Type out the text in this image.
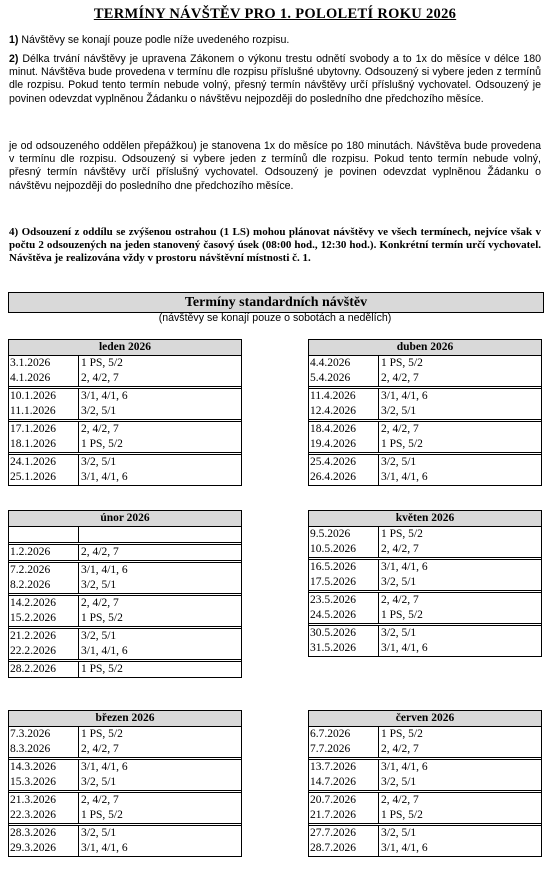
TERMÍNY NÁVŠTĚV PRO 1. POLOLETÍ ROKU 2026
1) Návštěvy se konají pouze podle níže uvedeného rozpisu.
2) Délka trvání návštěvy je upravena Zákonem o výkonu trestu odnětí svobody a to 1x do měsíce v délce 180 minut. Návštěva bude provedena v termínu dle rozpisu příslušné ubytovny. Odsouzený si vybere jeden z termínů dle rozpisu. Pokud tento termín nebude volný, přesný termín návštěvy určí příslušný vychovatel. Odsouzený je povinen odevzdat vyplněnou Žádanku o návštěvu nejpozději do posledního dne předchozího měsíce.
je od odsouzeného oddělen přepážkou) je stanovena 1x do měsíce po 180 minutách. Návštěva bude provedena v termínu dle rozpisu. Odsouzený si vybere jeden z termínů dle rozpisu. Pokud tento termín nebude volný, přesný termín návštěvy určí příslušný vychovatel. Odsouzený je povinen odevzdat vyplněnou Žádanku o návštěvu nejpozději do posledního dne předchozího měsíce.
4) Odsouzení z oddílu se zvýšenou ostrahou (1 LS) mohou plánovat návštěvy ve všech termínech, nejvíce však v počtu 2 odsouzených na jeden stanovený časový úsek (08:00 hod., 12:30 hod.). Konkrétní termín určí vychovatel. Návštěva je realizována vždy v prostoru návštěvní místnosti č. 1.
Termíny standardních návštěv
(návštěvy se konají pouze o sobotách a nedělích)
leden 2026
3.1.2026	1 PS, 5/2
4.1.2026	2, 4/2, 7
10.1.2026	3/1, 4/1, 6
11.1.2026	3/2, 5/1
17.1.2026	2, 4/2, 7
18.1.2026	1 PS, 5/2
24.1.2026	3/2, 5/1
25.1.2026	3/1, 4/1, 6
duben 2026
4.4.2026	1 PS, 5/2
5.4.2026	2, 4/2, 7
11.4.2026	3/1, 4/1, 6
12.4.2026	3/2, 5/1
18.4.2026	2, 4/2, 7
19.4.2026	1 PS, 5/2
25.4.2026	3/2, 5/1
26.4.2026	3/1, 4/1, 6
únor 2026
1.2.2026	2, 4/2, 7
7.2.2026	3/1, 4/1, 6
8.2.2026	3/2, 5/1
14.2.2026	2, 4/2, 7
15.2.2026	1 PS, 5/2
21.2.2026	3/2, 5/1
22.2.2026	3/1, 4/1, 6
28.2.2026	1 PS, 5/2
květen 2026
9.5.2026	1 PS, 5/2
10.5.2026	2, 4/2, 7
16.5.2026	3/1, 4/1, 6
17.5.2026	3/2, 5/1
23.5.2026	2, 4/2, 7
24.5.2026	1 PS, 5/2
30.5.2026	3/2, 5/1
31.5.2026	3/1, 4/1, 6
březen 2026
7.3.2026	1 PS, 5/2
8.3.2026	2, 4/2, 7
14.3.2026	3/1, 4/1, 6
15.3.2026	3/2, 5/1
21.3.2026	2, 4/2, 7
22.3.2026	1 PS, 5/2
28.3.2026	3/2, 5/1
29.3.2026	3/1, 4/1, 6
červen 2026
6.7.2026	1 PS, 5/2
7.7.2026	2, 4/2, 7
13.7.2026	3/1, 4/1, 6
14.7.2026	3/2, 5/1
20.7.2026	2, 4/2, 7
21.7.2026	1 PS, 5/2
27.7.2026	3/2, 5/1
28.7.2026	3/1, 4/1, 6
